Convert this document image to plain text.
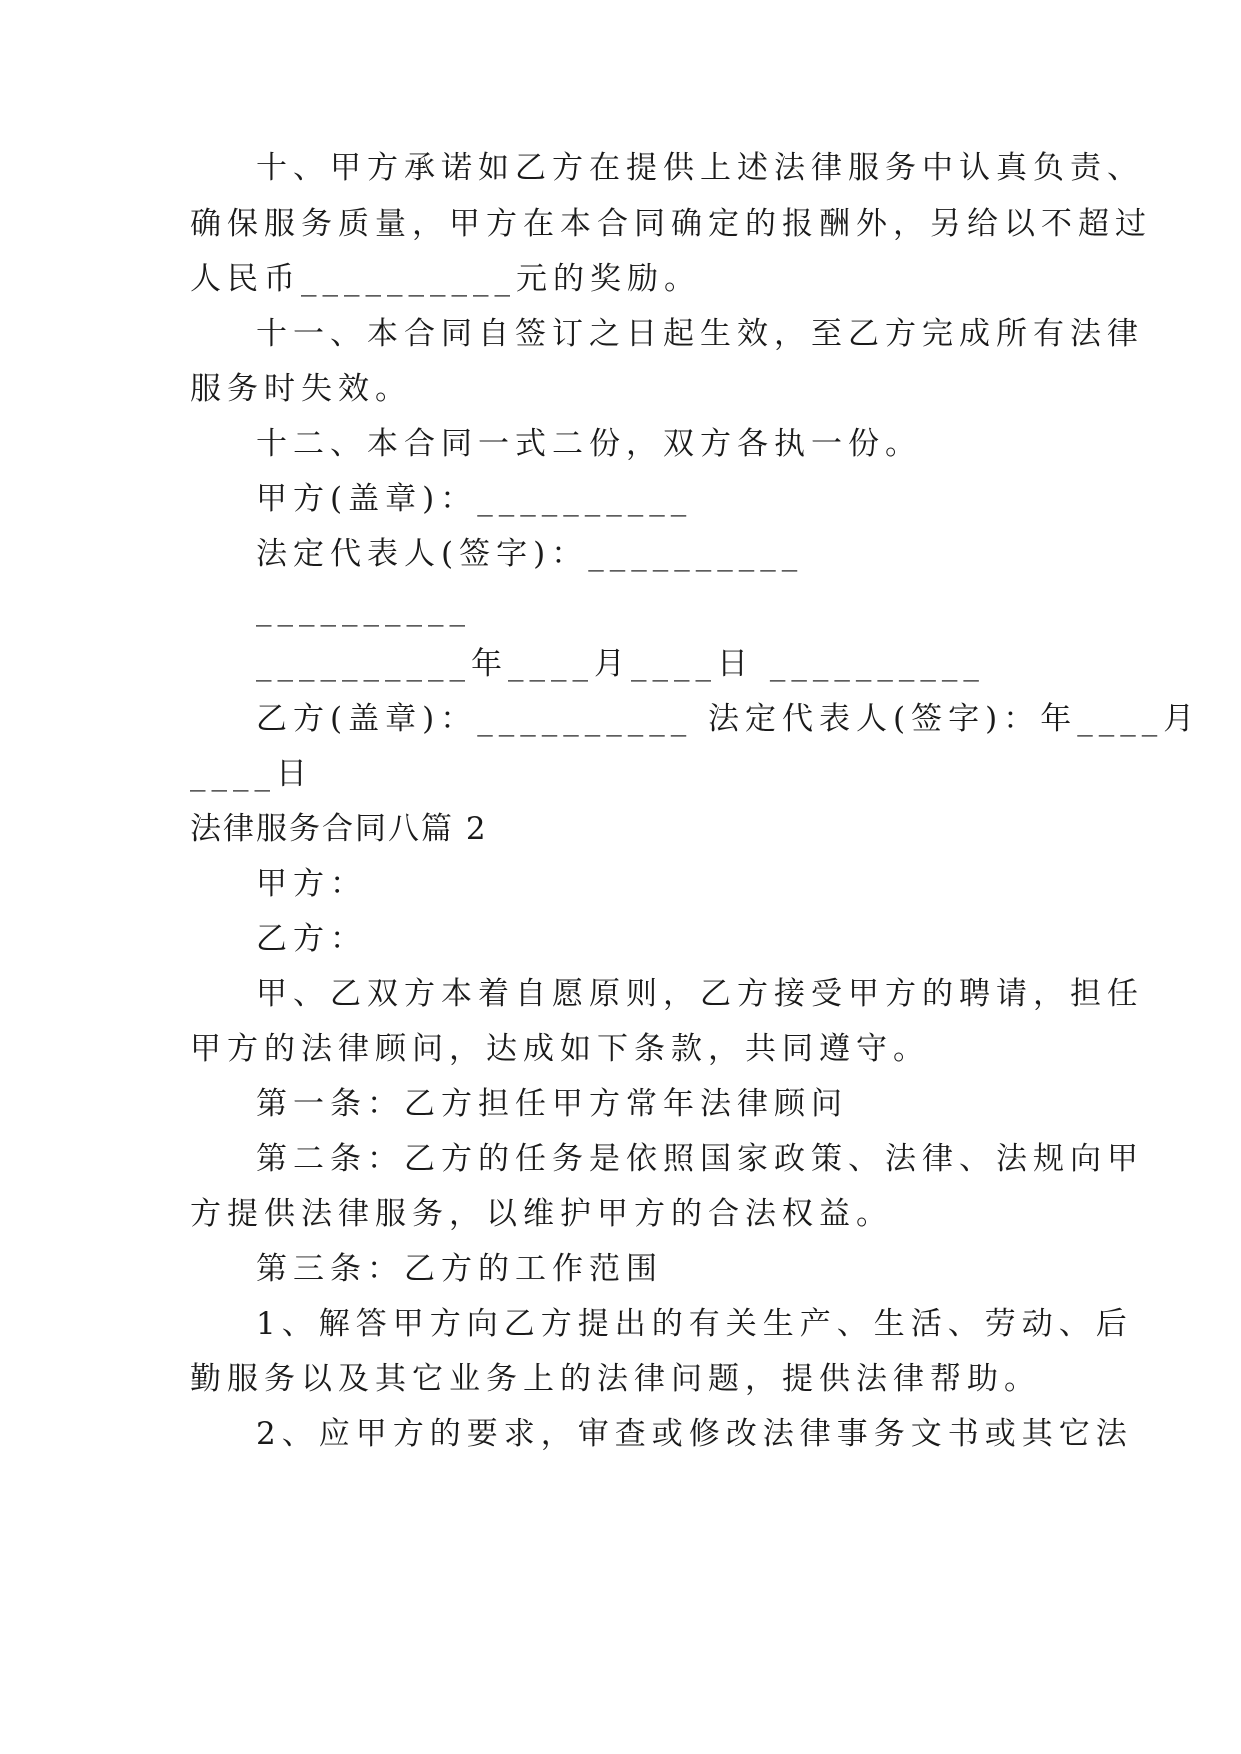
十、甲方承诺如乙方在提供上述法律服务中认真负责、
确保服务质量，甲方在本合同确定的报酬外，另给以不超过
人民币__________元的奖励。
十一、本合同自签订之日起生效，至乙方完成所有法律
服务时失效。
十二、本合同一式二份，双方各执一份。
甲方(盖章)：__________
法定代表人(签字)：__________
__________
__________年____月____日 __________
乙方(盖章)：__________ 法定代表人(签字)：年____月
____日
法律服务合同八篇 2
甲方：
乙方：
甲、乙双方本着自愿原则，乙方接受甲方的聘请，担任
甲方的法律顾问，达成如下条款，共同遵守。
第一条：乙方担任甲方常年法律顾问
第二条：乙方的任务是依照国家政策、法律、法规向甲
方提供法律服务，以维护甲方的合法权益。
第三条：乙方的工作范围
1、解答甲方向乙方提出的有关生产、生活、劳动、后
勤服务以及其它业务上的法律问题，提供法律帮助。
2、应甲方的要求，审查或修改法律事务文书或其它法
